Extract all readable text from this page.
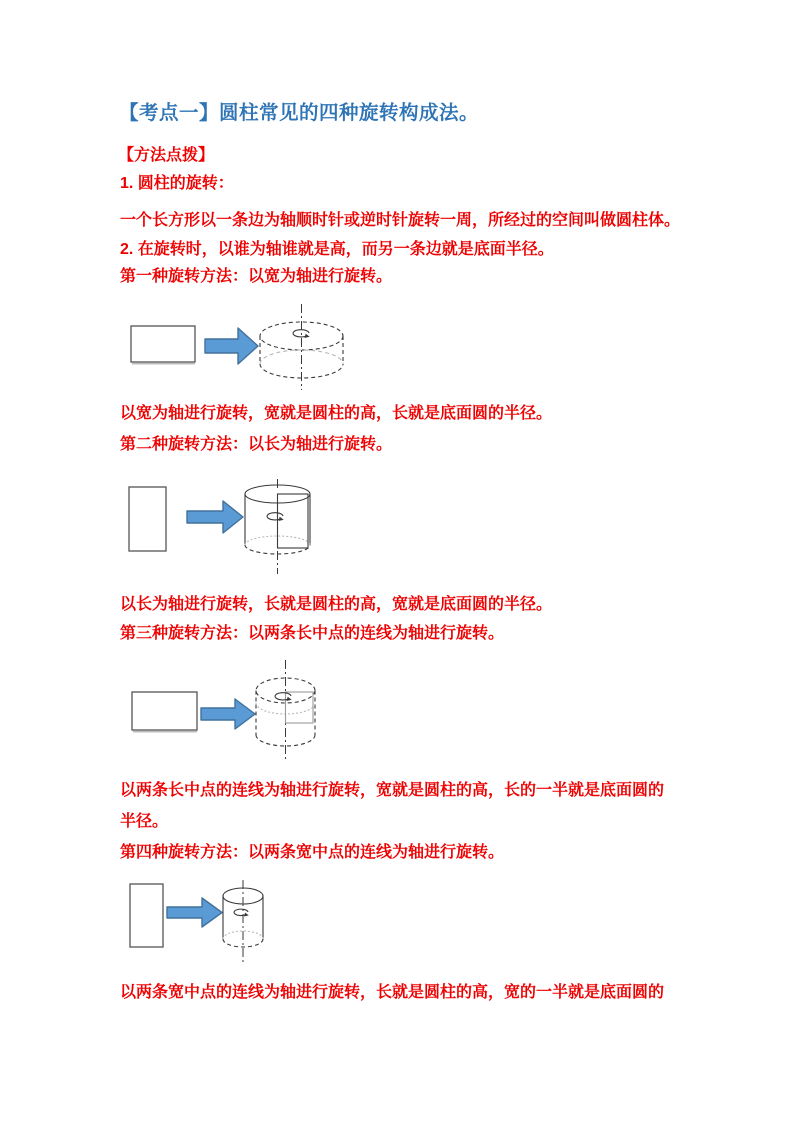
【考点一】圆柱常见的四种旋转构成法。
【方法点拨】
1. 圆柱的旋转：
一个长方形以一条边为轴顺时针或逆时针旋转一周，所经过的空间叫做圆柱体。
2. 在旋转时，以谁为轴谁就是高，而另一条边就是底面半径。
第一种旋转方法：以宽为轴进行旋转。
以宽为轴进行旋转，宽就是圆柱的高，长就是底面圆的半径。
第二种旋转方法：以长为轴进行旋转。
以长为轴进行旋转，长就是圆柱的高，宽就是底面圆的半径。
第三种旋转方法：以两条长中点的连线为轴进行旋转。
以两条长中点的连线为轴进行旋转，宽就是圆柱的高，长的一半就是底面圆的
半径。
第四种旋转方法：以两条宽中点的连线为轴进行旋转。
以两条宽中点的连线为轴进行旋转，长就是圆柱的高，宽的一半就是底面圆的
